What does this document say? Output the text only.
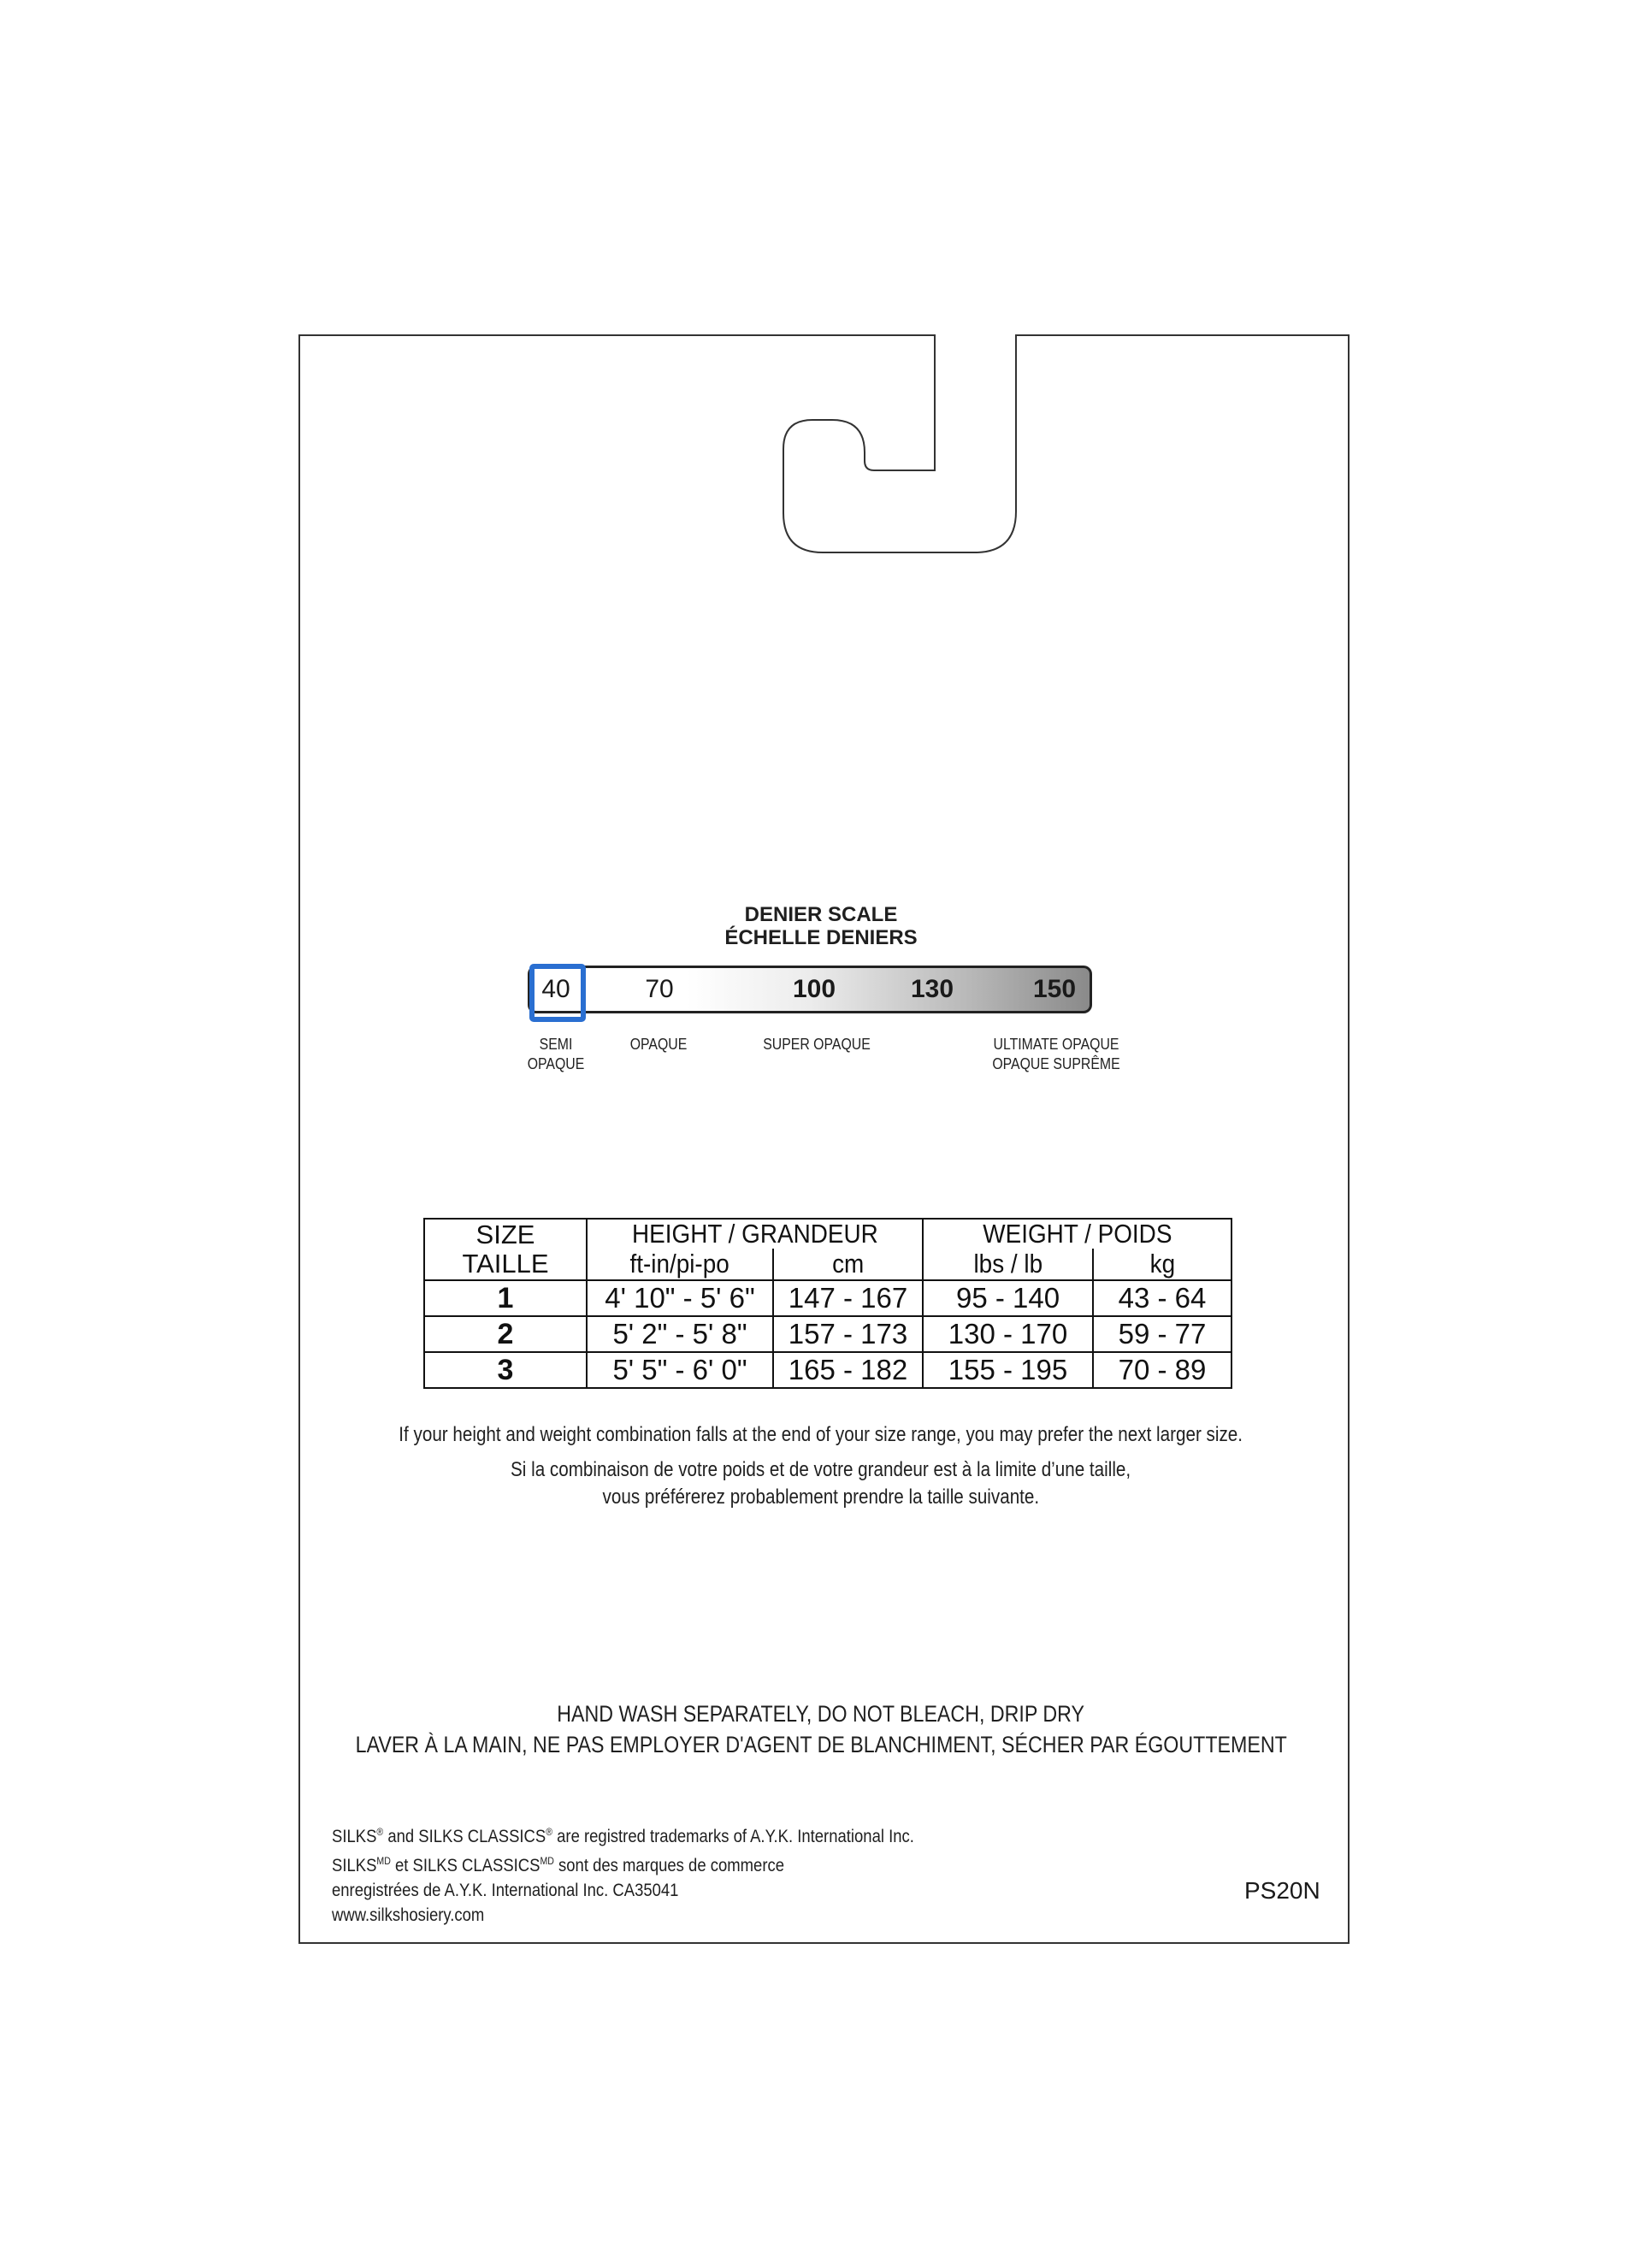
DENIER SCALE
ÉCHELLE DENIERS
40	70	100	130	150
SEMI
OPAQUE
OPAQUE	SUPER OPAQUE	ULTIMATE OPAQUE
OPAQUE SUPRÊME
SIZE
TAILLE	HEIGHT / GRANDEUR		WEIGHT / POIDS	
	ft-in/pi-po	cm	lbs / lb	kg
1	4' 10" - 5' 6"	147 - 167	95 - 140	43 - 64
2	5' 2" - 5' 8"	157 - 173	130 - 170	59 - 77
3	5' 5" - 6' 0"	165 - 182	155 - 195	70 - 89
If your height and weight combination falls at the end of your size range, you may prefer the next larger size.
Si la combinaison de votre poids et de votre grandeur est à la limite d’une taille,
vous préférerez probablement prendre la taille suivante.
HAND WASH SEPARATELY, DO NOT BLEACH, DRIP DRY
LAVER À LA MAIN, NE PAS EMPLOYER D'AGENT DE BLANCHIMENT, SÉCHER PAR ÉGOUTTEMENT
SILKS® and SILKS CLASSICS® are registred trademarks of A.Y.K. International Inc.
$SILKS^{MD}$ et SILKS $CLASSICS^{MD}$ sont des marques de commerce
enregistrées de A.Y.K. International Inc. CA35041
www.silkshosiery.com
PS20N
